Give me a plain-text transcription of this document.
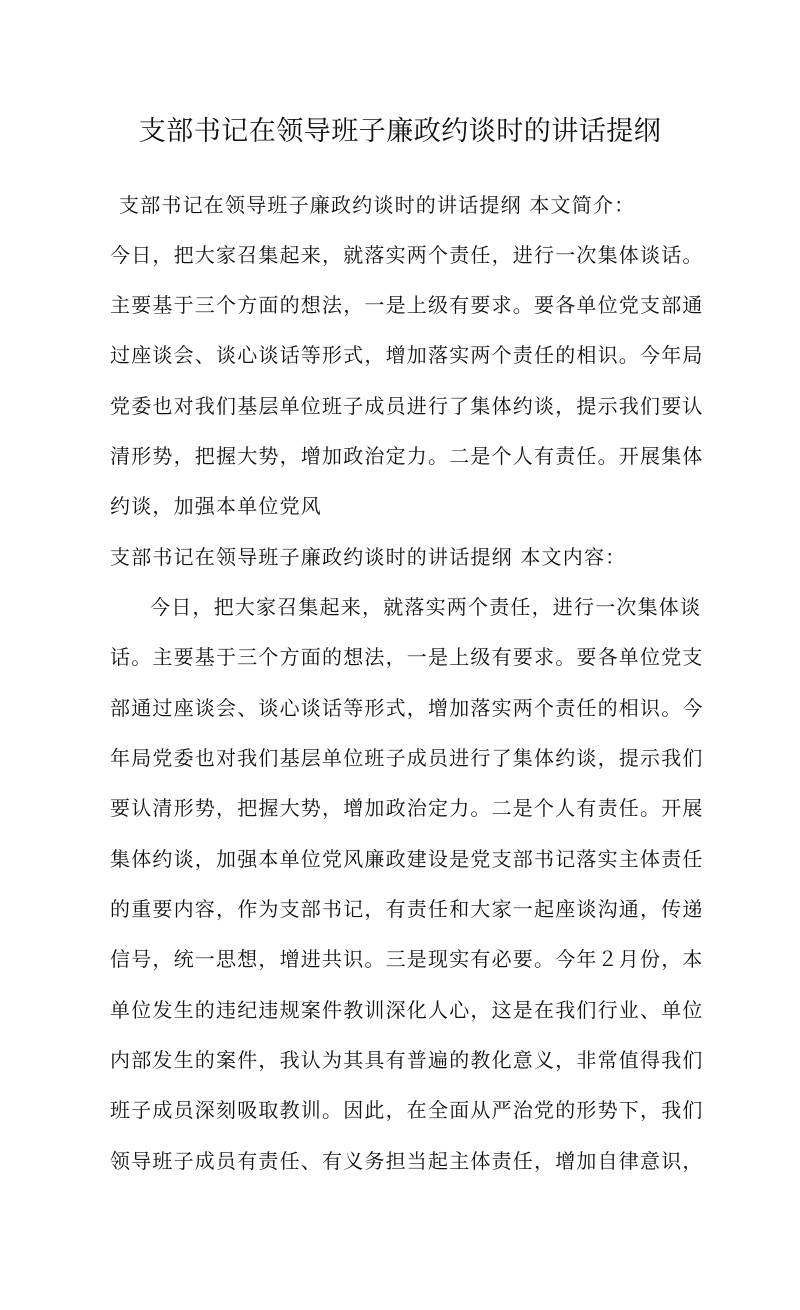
支部书记在领导班子廉政约谈时的讲话提纲
支部书记在领导班子廉政约谈时的讲话提纲 本文简介：
今日，把大家召集起来，就落实两个责任，进行一次集体谈话。
主要基于三个方面的想法，一是上级有要求。要各单位党支部通
过座谈会、谈心谈话等形式，增加落实两个责任的相识。今年局
党委也对我们基层单位班子成员进行了集体约谈，提示我们要认
清形势，把握大势，增加政治定力。二是个人有责任。开展集体
约谈，加强本单位党风
支部书记在领导班子廉政约谈时的讲话提纲 本文内容：
今日，把大家召集起来，就落实两个责任，进行一次集体谈
话。主要基于三个方面的想法，一是上级有要求。要各单位党支
部通过座谈会、谈心谈话等形式，增加落实两个责任的相识。今
年局党委也对我们基层单位班子成员进行了集体约谈，提示我们
要认清形势，把握大势，增加政治定力。二是个人有责任。开展
集体约谈，加强本单位党风廉政建设是党支部书记落实主体责任
的重要内容，作为支部书记，有责任和大家一起座谈沟通，传递
信号，统一思想，增进共识。三是现实有必要。今年２月份，本
单位发生的违纪违规案件教训深化人心，这是在我们行业、单位
内部发生的案件，我认为其具有普遍的教化意义，非常值得我们
班子成员深刻吸取教训。因此，在全面从严治党的形势下，我们
领导班子成员有责任、有义务担当起主体责任，增加自律意识，
